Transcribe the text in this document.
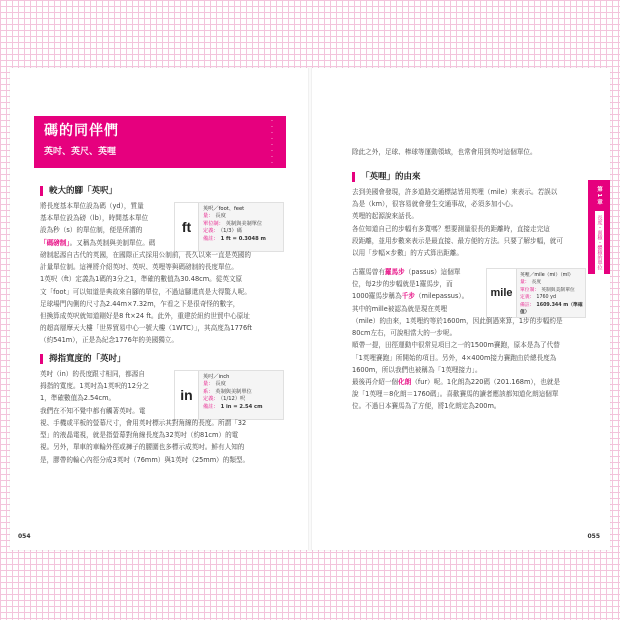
碼的同伴們
英吋、英尺、英哩	・・・・・・・・・・
較大的腳「英呎」
將長度基本單位設為碼（yd），質量
基本單位設為磅（lb），時間基本單位
設為秒（s）的單位制，便是所謂的
「碼磅制」。又稱為英制與美制單位。碼
ft
英呎／foot、feet
量： 長度
單位制： 英制與美制單位
定義： （1/3）碼
備註： 1 ft = 0.3048 m
磅制起源自古代的英國，在國際正式採用公制前，長久以來一直是英國的
計量單位制。這裡將介紹英吋、英呎、英哩等與碼磅制的長度單位。
1英呎（ft）定義為1碼的3分之1，準確的數值為30.48cm。從英文原
文「foot」可以知道是典故來自腳的單位，不過這腳還真是大得驚人呢。
足球場門內側的尺寸為2.44m×7.32m，乍看之下是很奇怪的數字，
但換算成英呎就知道剛好是8 ft×24 ft。此外，重建於紐約世貿中心原址
的超高層摩天大樓「世界貿易中心一號大樓（1WTC）」，其高度為1776ft
（約541m），正是為紀念1776年的美國獨立。
拇指寬度的「英吋」
英吋（in）的長度跟寸相同，都源自
拇指的寬度。1英吋為1英呎的12分之
1，準確數值為2.54cm。
我們在不知不覺中都有觸著英吋。電
in
英吋／inch
量： 長度
系： 英制與美制單位
定義： （1/12）呎
備註： 1 in = 2.54 cm
視、手機或平板的螢幕尺寸，會用英吋標示其對角線的長度。所謂「32
型」的液晶電視，就是指螢幕對角線長度為32英吋（約81cm）的電
視。另外，單車的車輪外徑或褲子的腰圍也多標示成英吋。鮮有人知的
是，膠帶的輪心內徑分成3英吋（76mm）與1英吋（25mm）的類型。
054
除此之外，足球、棒球等運動領域，也常會用到英吋這個單位。
「英哩」的由來
去到美國會發現，許多道路交通標誌皆用英哩（mile）來表示。若誤以
為是（km），很容易就會發生交通事故，必須多加小心。
英哩的起源說來話長。
各位知道自己的步幅有多寬嗎？想要測量很長的距離時，直接走完這
段距離，並用步數來表示是最直接、最方便的方法。只要了解步幅，就可
以用「步幅×步數」的方式算出距離。
古羅馬曾有羅馬步（passus）這個單
位，每2步的步幅就是1羅馬步，而
1000羅馬步稱為千步（milepassus）。
其中的mille被認為就是現在英哩
mile
英哩／mile（mi）（ml）
量： 長度
單位制： 英制與美制單位
定義： 1760 yd
備註： 1609.344 m（準確值）
（mile）的由來，1英哩約等於1600m，因此倒過來算，1步的步幅約是
80cm左右，可說相當大的一步呢。
順帶一提，田徑運動中很常見項目之一的1500m賽跑，原本是為了代替
「1英哩賽跑」所開始的項目。另外，4×400m接力賽跑由於總長度為
1600m，所以我們也被稱為「1英哩接力」。
最後再介紹一個化朗（fur）呢。1化朗為220碼（201.168m），也就是
說「1英哩＝8化朗＝1760碼」。喜歡賽馬的讀者應該都知道化朗這個單
位。不過日本賽馬為了方便，將1化朗定為200m。
第 1 章
長度・面積・體積的單位
055
